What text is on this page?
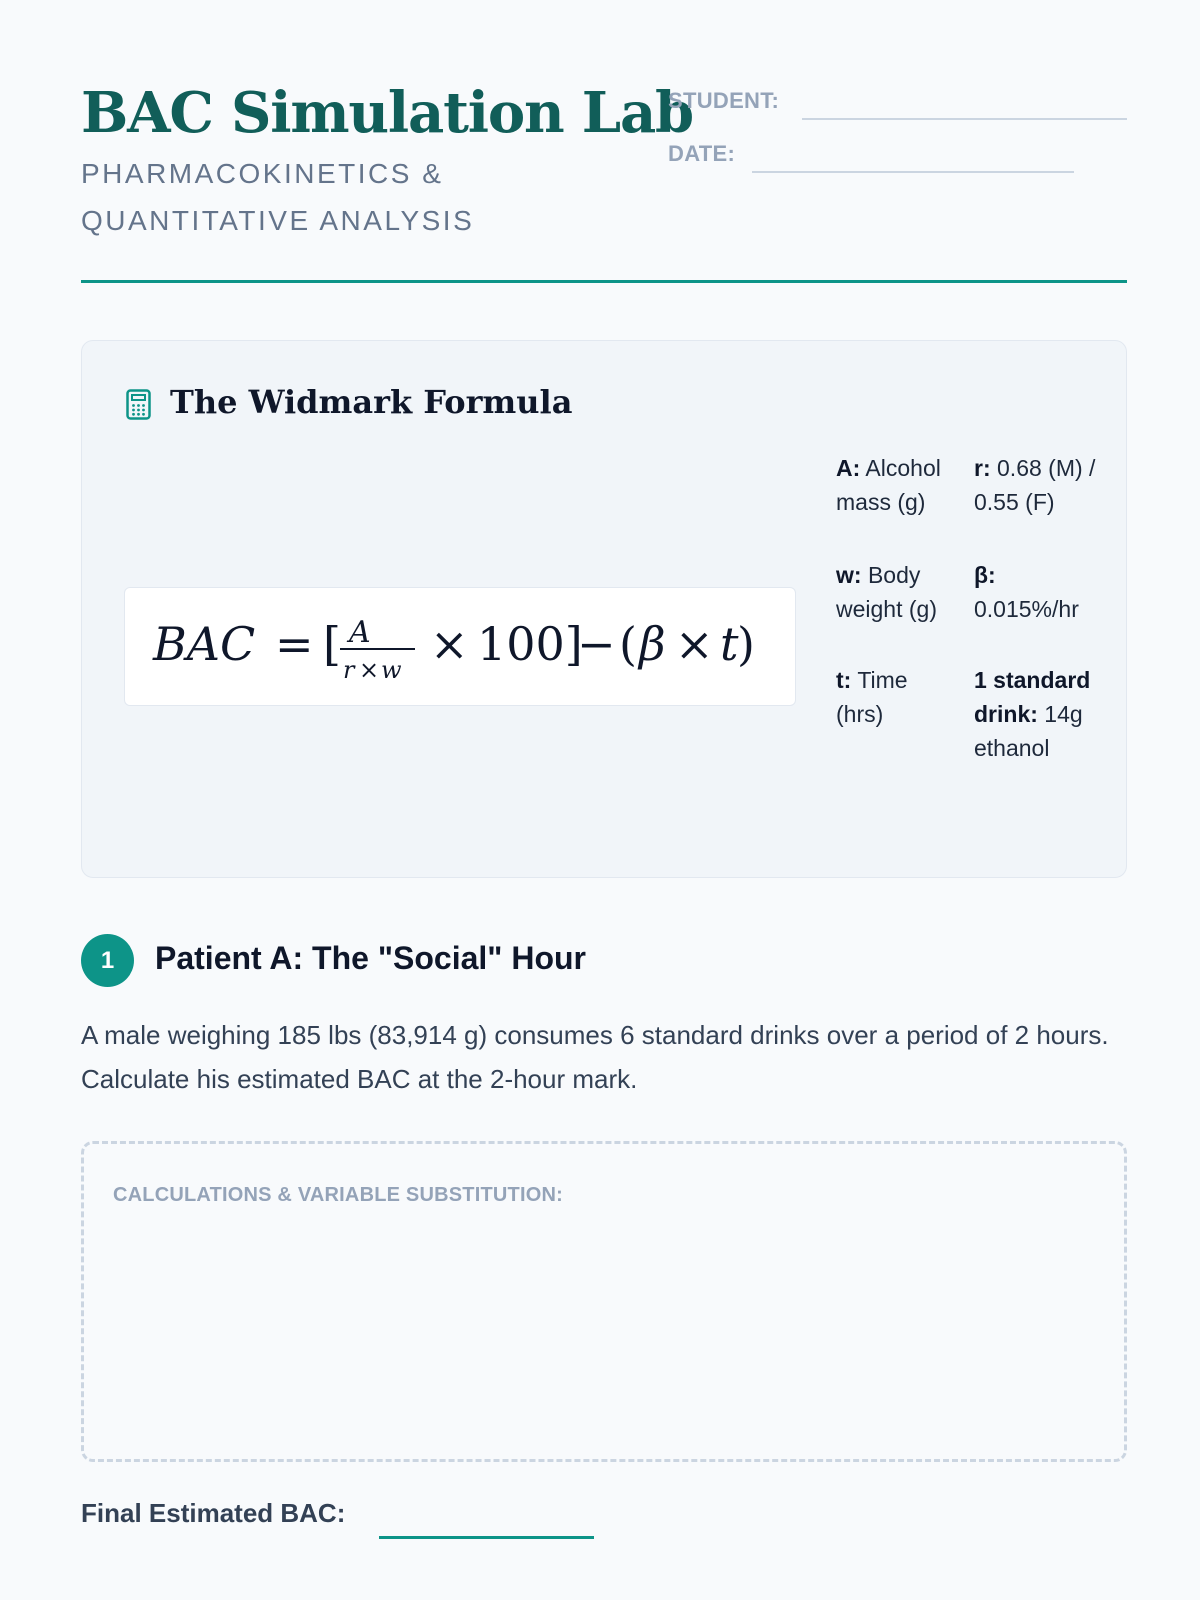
BAC Simulation Lab
PHARMACOKINETICS & QUANTITATIVE ANALYSIS
STUDENT:
DATE:
The Widmark Formula
BAC = [ A
r × w × 100]
− ( β × t
)
A: Alcohol mass (g)
w: Body weight (g)
t: Time (hrs)
r: 0.68 (M) / 0.55 (F)
β: 0.015%/hr
1 standard drink: 14g ethanol
1	Patient A: The "Social" Hour

A male weighing 185 lbs (83,914 g) consumes 6 standard drinks over a period of 2 hours. Calculate his estimated BAC at the 2-hour mark.

CALCULATIONS & VARIABLE SUBSTITUTION:
Final Estimated BAC:
